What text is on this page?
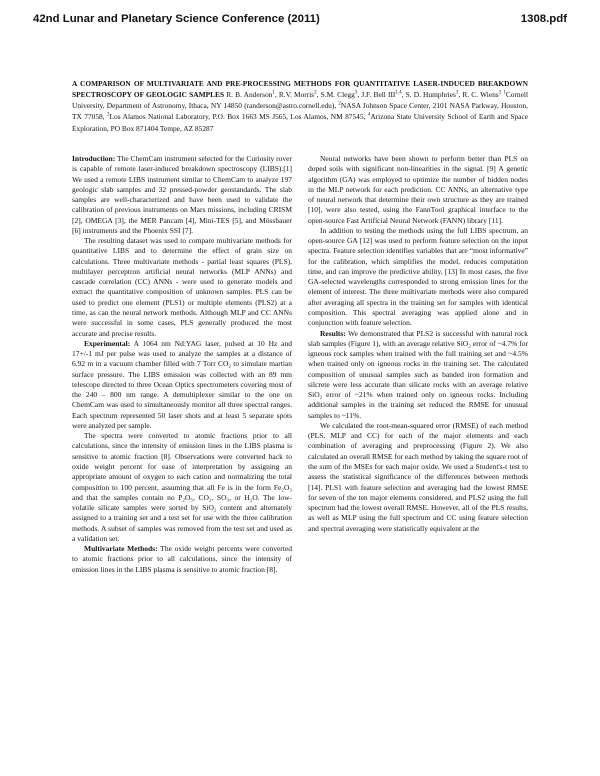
42nd Lunar and Planetary Science Conference (2011)	1308.pdf
A COMPARISON OF MULTIVARIATE AND PRE-PROCESSING METHODS FOR QUANTITATIVE LASER-INDUCED BREAKDOWN SPECTROSCOPY OF GEOLOGIC SAMPLES R. B. Anderson$^1$, R.V. Morris$^2$, S.M. Clegg$^3$, J.F. Bell III$^{1,4}$, S. D. Humphries$^3$, R. C. Wiens$^3$ $^1$Cornell University, Department of Astronomy, Ithaca, NY 14850 (randerson@astro.cornell.edu), $^2$NASA Johnson Space Center, 2101 NASA Parkway, Houston, TX 77058, $^3$Los Alamos National Laboratory, P.O. Box 1663 MS J565, Los Alamos, NM 87545, $^4$Arizona State University School of Earth and Space Exploration, PO Box 871404 Tempe, AZ 85287

Introduction: The ChemCam instrument selected for the Curiosity rover is capable of remote laser-induced breakdown spectroscopy (LIBS).[1] We used a remote LIBS instrument similar to ChemCam to analyze 197 geologic slab samples and 32 pressed-powder geostandards. The slab samples are well-characterized and have been used to validate the calibration of previous instruments on Mars missions, including CRISM [2], OMEGA [3], the MER Pancam [4], Mini-TES [5], and Mössbauer [6] instruments and the Phoenix SSI [7].

The resulting dataset was used to compare multivariate methods for quantitative LIBS and to determine the effect of grain size on calculations. Three multivariate methods - partial least squares (PLS), multilayer perceptron artificial neural networks (MLP ANNs) and cascade correlation (CC) ANNs - were used to generate models and extract the quantitative composition of unknown samples. PLS can be used to predict one element (PLS1) or multiple elements (PLS2) at a time, as can the neural network methods. Although MLP and CC ANNs were successful in some cases, PLS generally produced the most accurate and precise results.

Experimental: A 1064 nm Nd:YAG laser, pulsed at 10 Hz and 17+/-1 mJ per pulse was used to analyze the samples at a distance of 6.92 m in a vacuum chamber filled with 7 Torr CO₂ to simulate martian surface pressure. The LIBS emission was collected with an 89 mm telescope directed to three Ocean Optics spectrometers covering most of the 240 – 800 nm range. A demultiplexer similar to the one on ChemCam was used to simultaneously monitor all three spectral ranges. Each spectrum represented 50 laser shots and at least 5 separate spots were analyzed per sample.

The spectra were converted to atomic fractions prior to all calculations, since the intensity of emission lines in the LIBS plasma is sensitive to atomic fraction [8]. Observations were converted back to oxide weight percent for ease of interpretation by assigning an appropriate amount of oxygen to each cation and normalizing the total composition to 100 percent, assuming that all Fe is in the form Fe₂O₃ and that the samples contain no P₂O₅, CO₂, SO₃, or H₂O. The low-volatile silicate samples were sorted by SiO₂ content and alternately assigned to a training set and a test set for use with the three calibration methods. A subset of samples was removed from the test set and used as a validation set.

Multivariate Methods: The oxide weight percents were converted to atomic fractions prior to all calculations, since the intensity of emission lines in the LIBS plasma is sensitive to atomic fraction [8].

Neural networks have been shown to perform better than PLS on doped soils with significant non-linearities in the signal. [9] A genetic algorithm (GA) was employed to optimize the number of hidden nodes in the MLP network for each prediction. CC ANNs, an alternative type of neural network that determine their own structure as they are trained [10], were also tested, using the FannTool graphical interface to the open-source Fast Artificial Neural Network (FANN) library [11].

In addition to testing the methods using the full LIBS spectrum, an open-source GA [12] was used to perform feature selection on the input spectra. Feature selection identifies variables that are “most informative” for the calibration, which simplifies the model, reduces computation time, and can improve the predictive ability. [13] In most cases, the five GA-selected wavelengths corresponded to strong emission lines for the element of interest. The three multivariate methods were also compared after averaging all spectra in the training set for samples with identical composition. This spectral averaging was applied alone and in conjunction with feature selection.

Results: We demonstrated that PLS2 is successful with natural rock slab samples (Figure 1), with an average relative SiO₂ error of ~4.7% for igneous rock samples when trained with the full training set and ~4.5% when trained only on igneous rocks in the training set. The calculated composition of unusual samples such as banded iron formation and silcrete were less accurate than silicate rocks with an average relative SiO₂ error of ~21% when trained only on igneous rocks. Including additional samples in the training set reduced the RMSE for unusual samples to ~11%.

We calculated the root-mean-squared error (RMSE) of each method (PLS, MLP and CC) for each of the major elements and each combination of averaging and preprocessing (Figure 2). We also calculated an overall RMSE for each method by taking the square root of the sum of the MSEs for each major oxide. We used a Student's-t test to assess the statistical significance of the differences between methods [14]. PLS1 with feature selection and averaging had the lowest RMSE for seven of the ten major elements considered, and PLS2 using the full spectrum had the lowest overall RMSE. However, all of the PLS results, as well as MLP using the full spectrum and CC using feature selection and spectral averaging were statistically equivalent at the
